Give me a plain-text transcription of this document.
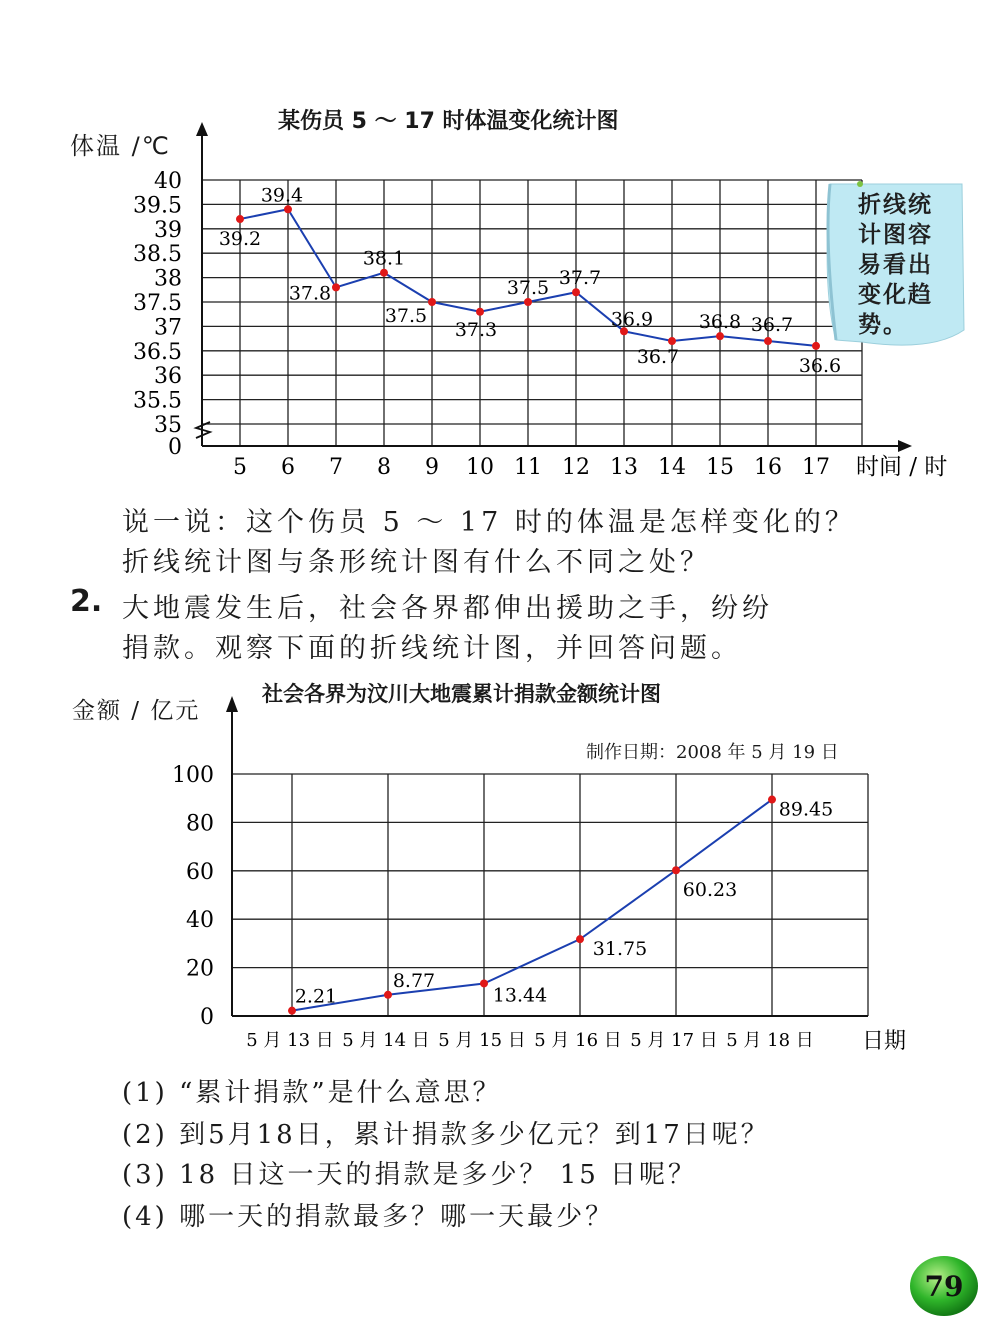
某伤员 5 ～ 17 时体温变化统计图
体温 /℃
0
35
35.5
36
36.5
37
37.5
38
38.5
39
39.5
40
5 6 7 8 9 10 11 12 13 14 15 16 17
39.2
39.4
37.8
38.1
37.5
37.3
37.5 37.7
36.9
36.7
36.8 36.7
36.6
时间 / 时
折线统
计图容
易看出
变化趋
势。
说一说：这个伤员 5 ～ 17 时的体温是怎样变化的？
折线统计图与条形统计图有什么不同之处？
2. 大地震发生后，社会各界都伸出援助之手，纷纷
捐款。观察下面的折线统计图，并回答问题。
社会各界为汶川大地震累计捐款金额统计图
金额 / 亿元
制作日期：2008 年 5 月 19 日
0
20
40
60
80
100
5 月 13 日 5 月 14 日 5 月 15 日 5 月 16 日 5 月 17 日 5 月 18 日
2.21
8.77
13.44
31.75
60.23
89.45
日期
(1) “累计捐款”是什么意思？
(2) 到5月18日，累计捐款多少亿元？到17日呢？
(3) 18 日这一天的捐款是多少？ 15 日呢？
(4) 哪一天的捐款最多？哪一天最少？
79
